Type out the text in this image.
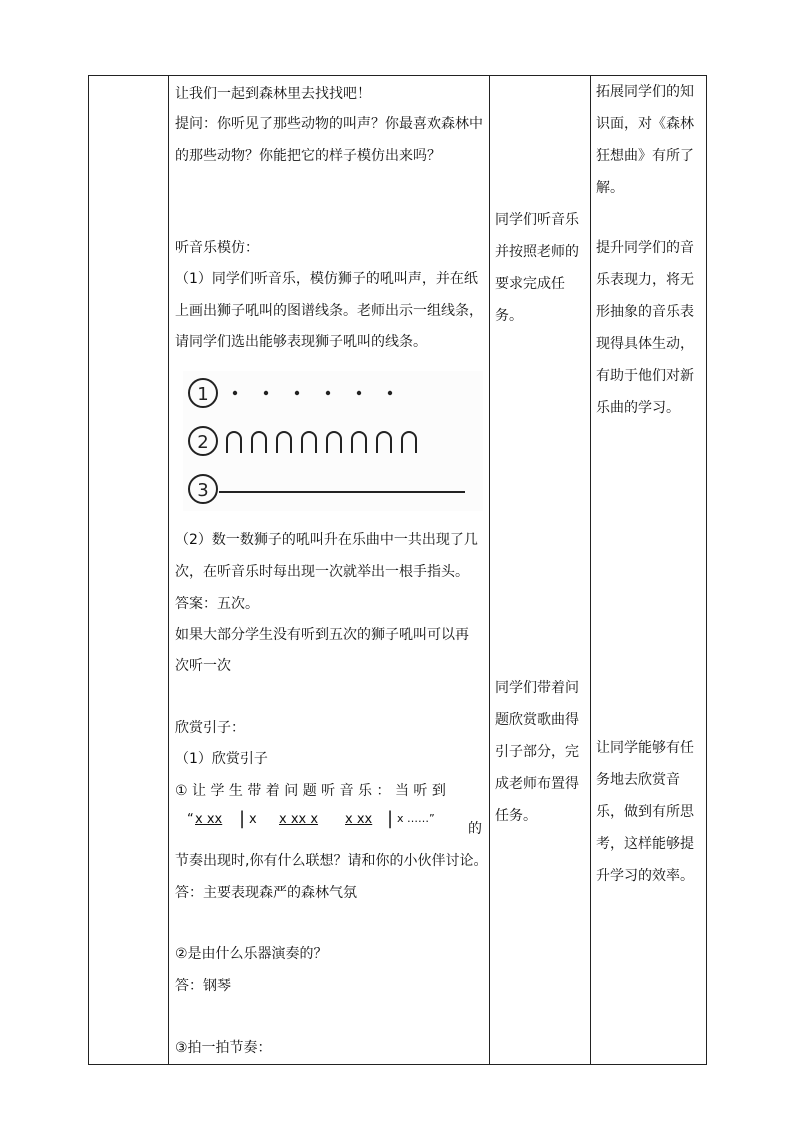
让我们一起到森林里去找找吧！
提问：你听见了那些动物的叫声？你最喜欢森林中
的那些动物？你能把它的样子模仿出来吗？
听音乐模仿：
（1）同学们听音乐，模仿狮子的吼叫声，并在纸
上画出狮子吼叫的图谱线条。老师出示一组线条，
请同学们选出能够表现狮子吼叫的线条。
1
2
3
（2）数一数狮子的吼叫升在乐曲中一共出现了几
次，在听音乐时每出现一次就举出一根手指头。
答案：五次。
如果大部分学生没有听到五次的狮子吼叫可以再
次听一次
欣赏引子：
（1）欣赏引子
① 让 学 生 带 着 问 题 听 音 乐 ： 当 听 到
“ x xx | x x xx x x xx | x ……”
的
节奏出现时,你有什么联想？请和你的小伙伴讨论。
答：主要表现森严的森林气氛
②是由什么乐器演奏的？
答：钢琴
③拍一拍节奏：
同学们听音乐并按照老师的要求完成任务。
同学们带着问题欣赏歌曲得引子部分，完成老师布置得任务。
拓展同学们的知识面，对《森林狂想曲》有所了解。
提升同学们的音乐表现力，将无形抽象的音乐表现得具体生动，有助于他们对新乐曲的学习。
让同学能够有任务地去欣赏音乐，做到有所思考，这样能够提升学习的效率。
